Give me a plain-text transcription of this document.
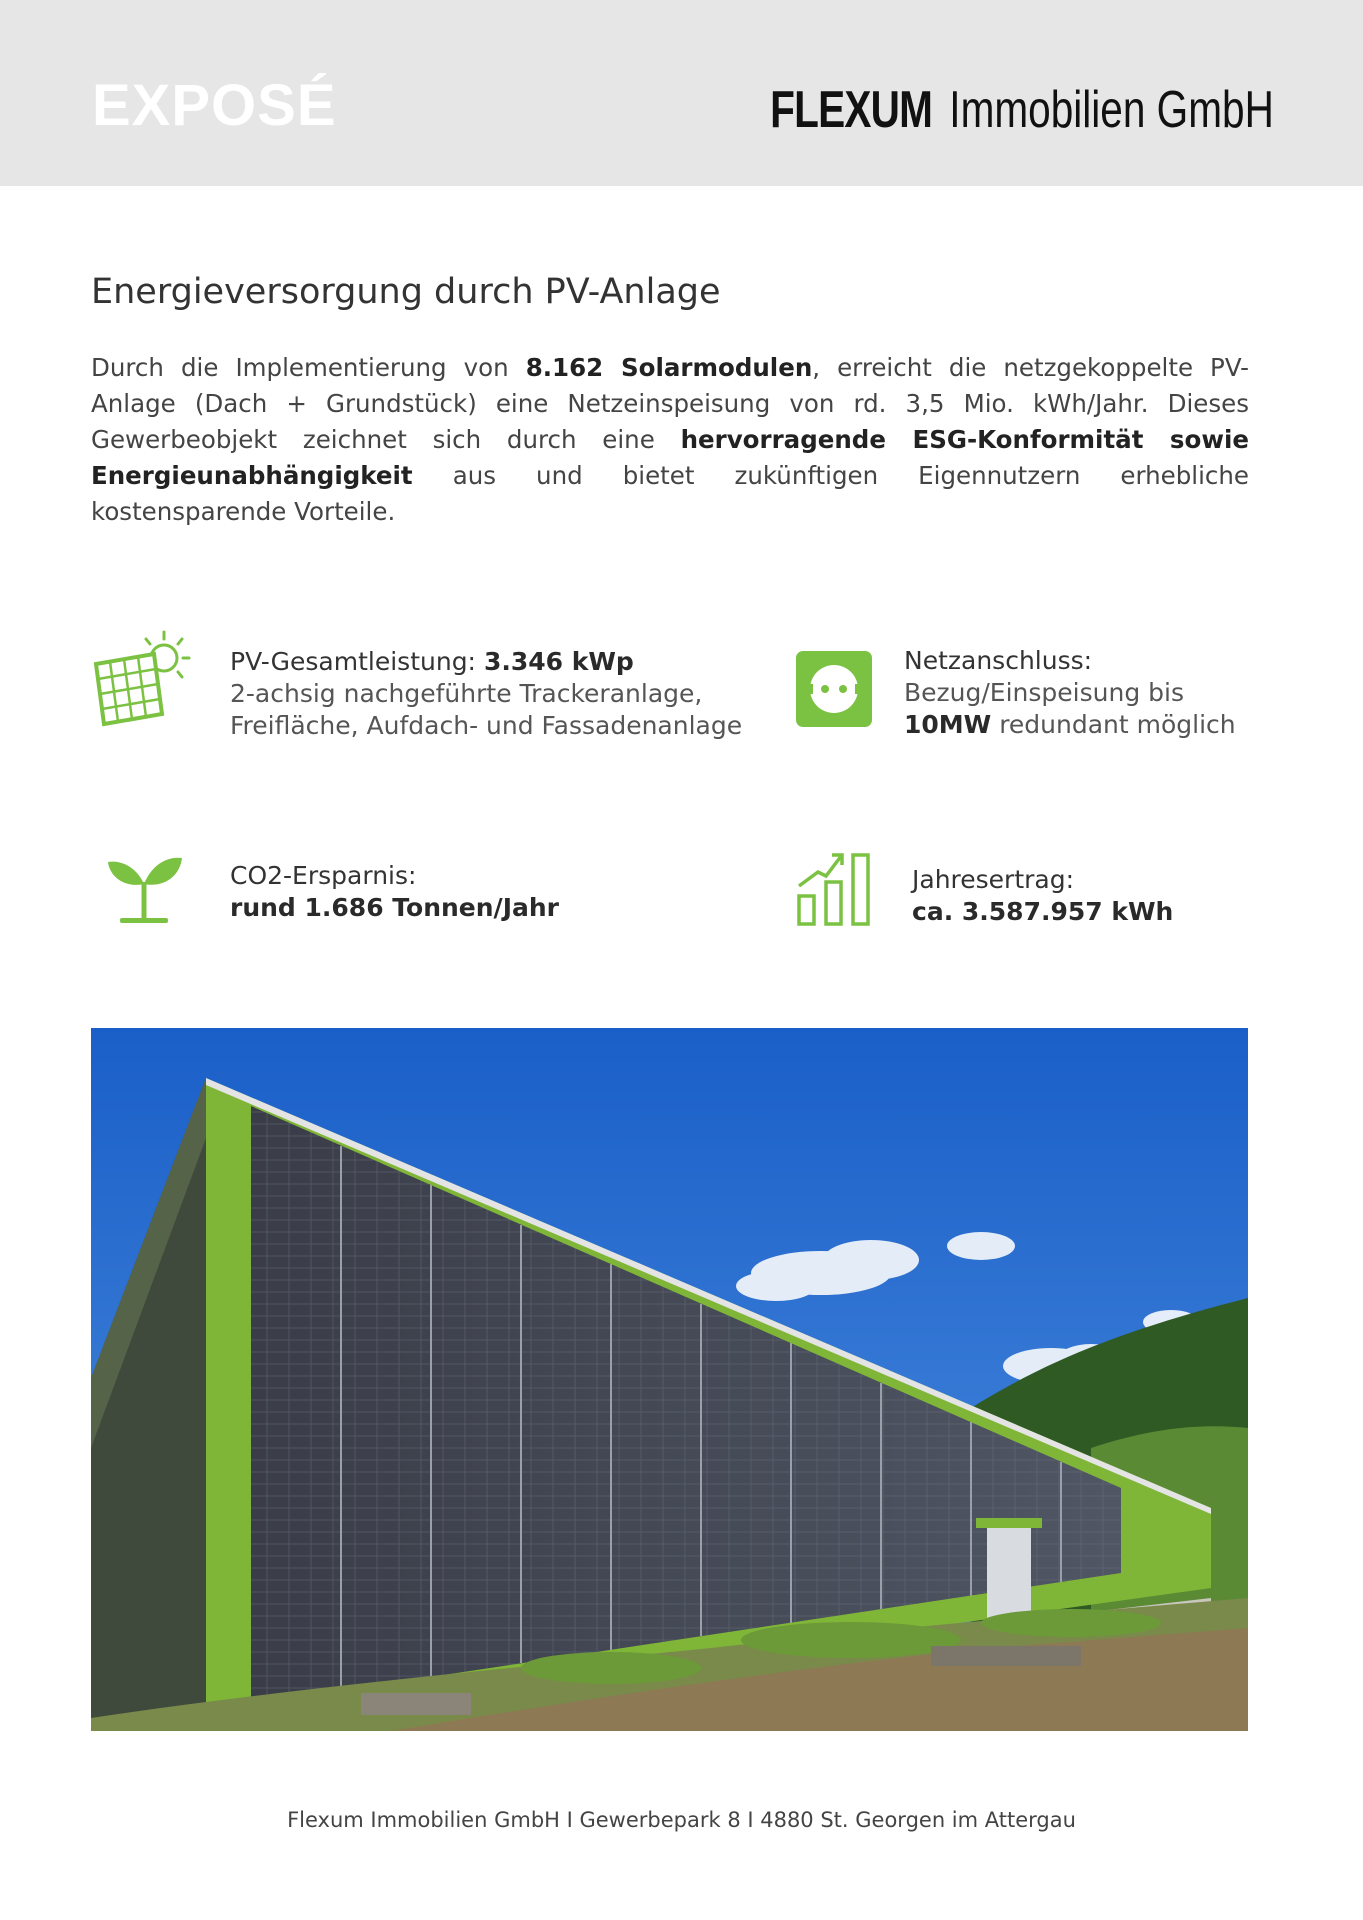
EXPOSÉ	FLEXUM Immobilien GmbH
Energieversorgung durch PV-Anlage
Durch die Implementierung von 8.162 Solarmodulen, erreicht die netzgekoppelte PV-Anlage (Dach + Grundstück) eine Netzeinspeisung von rd. 3,5 Mio. kWh/Jahr. Dieses Gewerbeobjekt zeichnet sich durch eine hervorragende ESG-Konformität sowie Energieunabhängigkeit aus und bietet zukünftigen Eigennutzern erhebliche kostensparende Vorteile.
PV-Gesamtleistung: 3.346 kWp
2-achsig nachgeführte Trackeranlage,
Freifläche, Aufdach- und Fassadenanlage
Netzanschluss:
Bezug/Einspeisung bis
10MW redundant möglich
CO2-Ersparnis:
rund 1.686 Tonnen/Jahr
Jahresertrag:
ca. 3.587.957 kWh
Flexum Immobilien GmbH I Gewerbepark 8 I 4880 St. Georgen im Attergau
